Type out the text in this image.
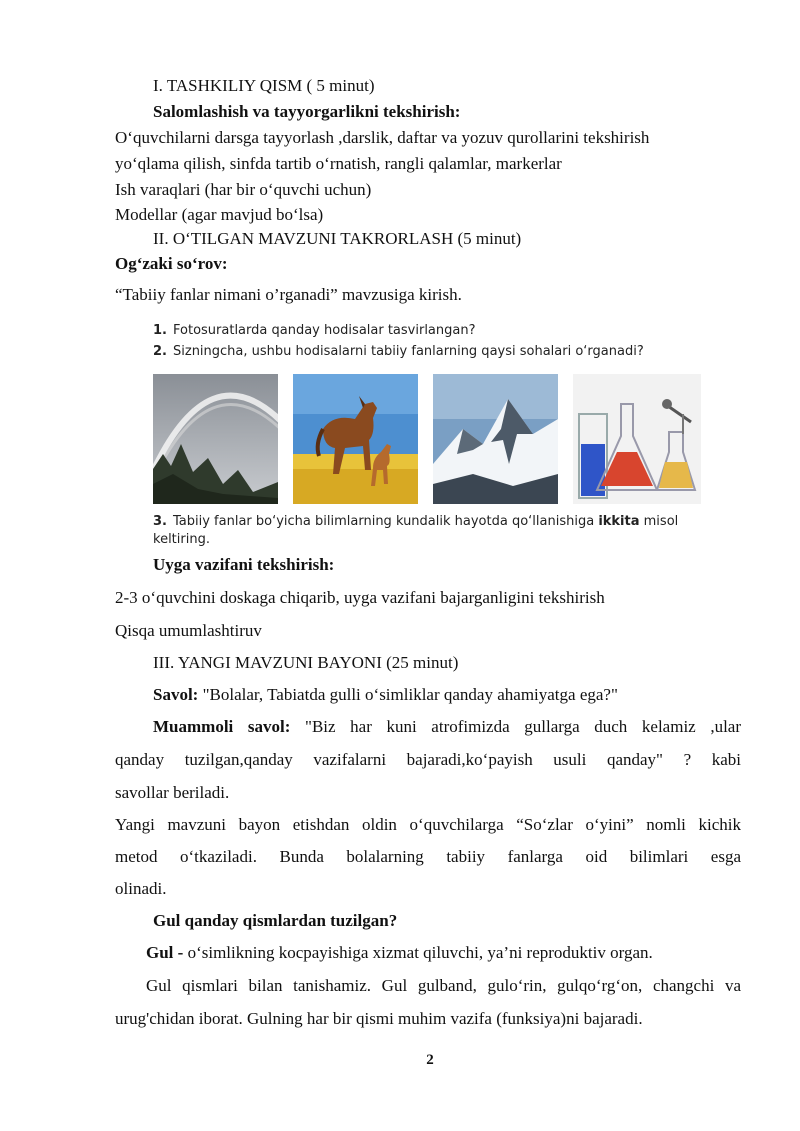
I. TASHKILIY QISM ( 5 minut)
Salomlashish va tayyorgarlikni tekshirish:
O‘quvchilarni darsga tayyorlash ,darslik, daftar va yozuv qurollarini tekshirish
yo‘qlama qilish, sinfda tartib o‘rnatish, rangli qalamlar, markerlar
Ish varaqlari (har bir o‘quvchi uchun)
Modellar (agar mavjud bo‘lsa)
II. O‘TILGAN MAVZUNI TAKRORLASH (5 minut)
Og‘zaki so‘rov:
“Tabiiy fanlar nimani o’rganadi” mavzusiga kirish.
1. Fotosuratlarda qanday hodisalar tasvirlangan?
2. Sizningcha, ushbu hodisalarni tabiiy fanlarning qaysi sohalari o‘rganadi?
3. Tabiiy fanlar bo‘yicha bilimlarning kundalik hayotda qo‘llanishiga ikkita misol
keltiring.
Uyga vazifani tekshirish:
2-3 o‘quvchini doskaga chiqarib, uyga vazifani bajarganligini tekshirish
Qisqa umumlashtiruv
III. YANGI MAVZUNI BAYONI (25 minut)
Savol: "Bolalar, Tabiatda gulli o‘simliklar qanday ahamiyatga ega?"
Muammoli savol: "Biz har kuni atrofimizda gullarga duch kelamiz ,ular
qanday tuzilgan,qanday vazifalarni bajaradi,ko‘payish usuli qanday" ? kabi
savollar beriladi.
Yangi mavzuni bayon etishdan oldin o‘quvchilarga “So‘zlar o‘yini” nomli kichik
metod o‘tkaziladi. Bunda bolalarning tabiiy fanlarga oid bilimlari esga
olinadi.
Gul qanday qismlardan tuzilgan?
Gul - o‘simlikning kocpayishiga xizmat qiluvchi, ya’ni reproduktiv organ.
Gul qismlari bilan tanishamiz. Gul gulband, gulo‘rin, gulqo‘rg‘on, changchi va
urug'chidan iborat. Gulning har bir qismi muhim vazifa (funksiya)ni bajaradi.
2
